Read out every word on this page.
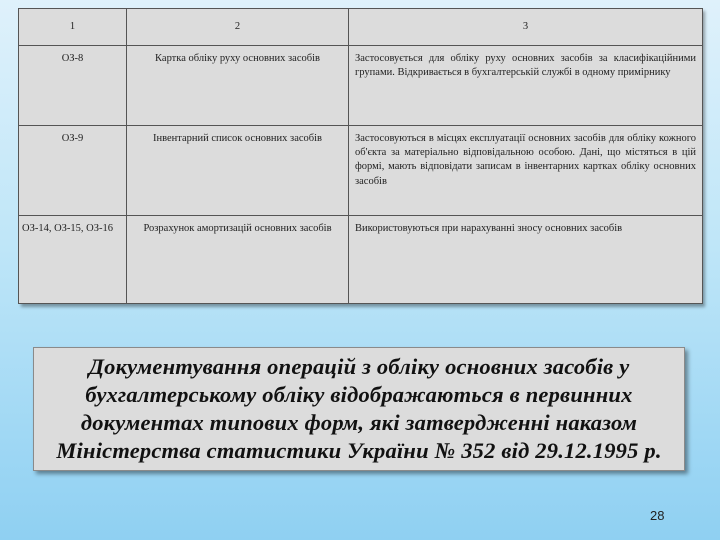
1	2	3
ОЗ-8	Картка обліку руху основних засобів	Застосовується для обліку руху основних засобів за класифікаційними групами. Відкривається в бухгалтерській службі в одному примірнику
ОЗ-9	Інвентарний список основних засобів	Застосовуються в місцях експлуатації основних засобів для обліку кожного об'єкта за матеріально відповідальною особою. Дані, що містяться в цій формі, мають відповідати записам в інвентарних картках обліку основних засобів
ОЗ-14, ОЗ-15, ОЗ-16	Розрахунок амортизацій основних засобів	Використовуються при нарахуванні зносу основних засобів

Документування операцій з обліку основних засобів у бухгалтерському обліку відображаються в первинних документах типових форм, які затвердженні наказом Міністерства статистики України № 352 від 29.12.1995 р.

28
